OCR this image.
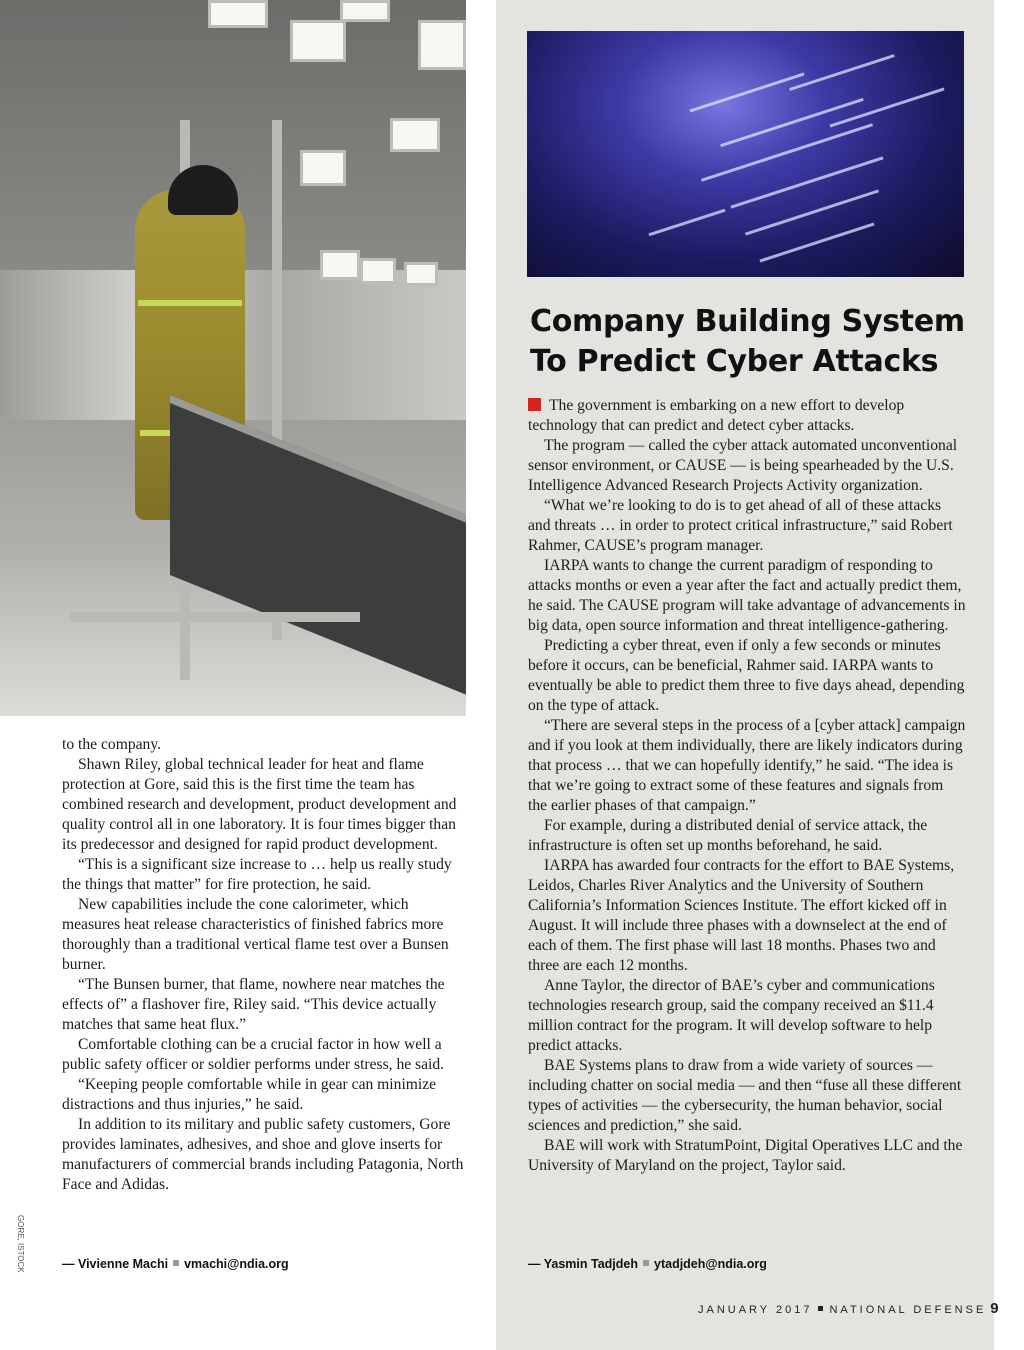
Company Building System
To Predict Cyber Attacks

to the company.

Shawn Riley, global technical leader for heat and flame protection at Gore, said this is the first time the team has combined research and development, product development and quality control all in one laboratory. It is four times bigger than its predecessor and designed for rapid product development.

“This is a significant size increase to … help us really study the things that matter” for fire protection, he said.

New capabilities include the cone calorimeter, which measures heat release characteristics of finished fabrics more thoroughly than a traditional vertical flame test over a Bunsen burner.

“The Bunsen burner, that flame, nowhere near matches the effects of” a flashover fire, Riley said. “This device actually matches that same heat flux.”

Comfortable clothing can be a crucial factor in how well a public safety officer or soldier performs under stress, he said.

“Keeping people comfortable while in gear can minimize distractions and thus injuries,” he said.

In addition to its military and public safety customers, Gore provides laminates, adhesives, and shoe and glove inserts for manufacturers of commercial brands including Patagonia, North Face and Adidas.

The government is embarking on a new effort to develop technology that can predict and detect cyber attacks.

The program — called the cyber attack automated unconventional sensor environment, or CAUSE — is being spearheaded by the U.S. Intelligence Advanced Research Projects Activity organization.

“What we’re looking to do is to get ahead of all of these attacks and threats … in order to protect critical infrastructure,” said Robert Rahmer, CAUSE’s program manager.

IARPA wants to change the current paradigm of responding to attacks months or even a year after the fact and actually predict them, he said. The CAUSE program will take advantage of advancements in big data, open source information and threat intelligence-gathering.

Predicting a cyber threat, even if only a few seconds or minutes before it occurs, can be beneficial, Rahmer said. IARPA wants to eventually be able to predict them three to five days ahead, depending on the type of attack.

“There are several steps in the process of a [cyber attack] campaign and if you look at them individually, there are likely indicators during that process … that we can hopefully identify,” he said. “The idea is that we’re going to extract some of these features and signals from the earlier phases of that campaign.”

For example, during a distributed denial of service attack, the infrastructure is often set up months beforehand, he said.

IARPA has awarded four contracts for the effort to BAE Systems, Leidos, Charles River Analytics and the University of Southern California’s Information Sciences Institute. The effort kicked off in August. It will include three phases with a downselect at the end of each of them. The first phase will last 18 months. Phases two and three are each 12 months.

Anne Taylor, the director of BAE’s cyber and communications technologies research group, said the company received an $11.4 million contract for the program. It will develop software to help predict attacks.

BAE Systems plans to draw from a wide variety of sources — including chatter on social media — and then “fuse all these different types of activities — the cybersecurity, the human behavior, social sciences and prediction,” she said.

BAE will work with StratumPoint, Digital Operatives LLC and the University of Maryland on the project, Taylor said.

— Vivienne Machi vmachi@ndia.org	— Yasmin Tadjdeh ytadjdeh@ndia.org
GORE, ISTOCK
JANUARY 2017 NATIONAL DEFENSE 9
